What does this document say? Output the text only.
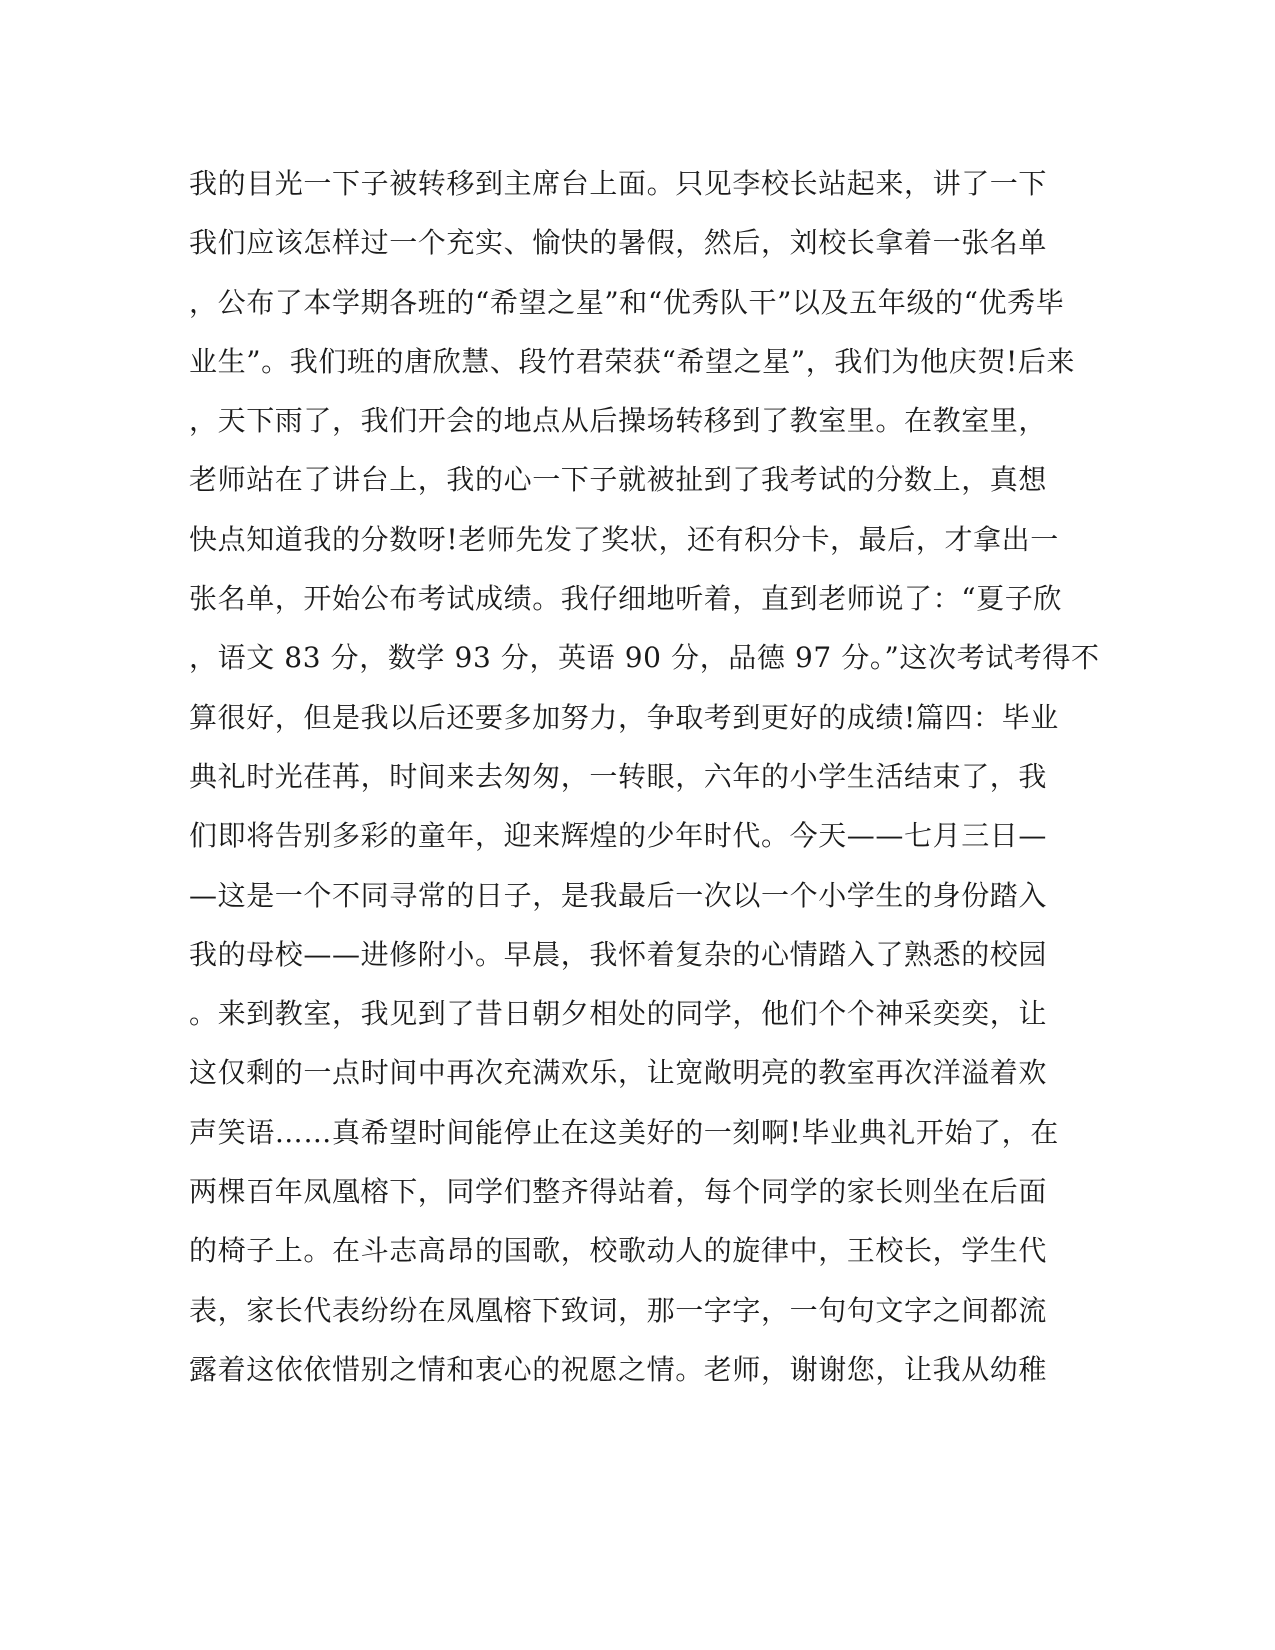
我的目光一下子被转移到主席台上面。只见李校长站起来，讲了一下
我们应该怎样过一个充实、愉快的暑假，然后，刘校长拿着一张名单
，公布了本学期各班的“希望之星”和“优秀队干”以及五年级的“优秀毕
业生”。我们班的唐欣慧、段竹君荣获“希望之星”，我们为他庆贺!后来
，天下雨了，我们开会的地点从后操场转移到了教室里。在教室里，
老师站在了讲台上，我的心一下子就被扯到了我考试的分数上，真想
快点知道我的分数呀!老师先发了奖状，还有积分卡，最后，才拿出一
张名单，开始公布考试成绩。我仔细地听着，直到老师说了：“夏子欣
，语文 83 分，数学 93 分，英语 90 分，品德 97 分。”这次考试考得不
算很好，但是我以后还要多加努力，争取考到更好的成绩!篇四：毕业
典礼时光荏苒，时间来去匆匆，一转眼，六年的小学生活结束了，我
们即将告别多彩的童年，迎来辉煌的少年时代。今天——七月三日—
—这是一个不同寻常的日子，是我最后一次以一个小学生的身份踏入
我的母校——进修附小。早晨，我怀着复杂的心情踏入了熟悉的校园
。来到教室，我见到了昔日朝夕相处的同学，他们个个神采奕奕，让
这仅剩的一点时间中再次充满欢乐，让宽敞明亮的教室再次洋溢着欢
声笑语……真希望时间能停止在这美好的一刻啊!毕业典礼开始了，在
两棵百年凤凰榕下，同学们整齐得站着，每个同学的家长则坐在后面
的椅子上。在斗志高昂的国歌，校歌动人的旋律中，王校长，学生代
表，家长代表纷纷在凤凰榕下致词，那一字字，一句句文字之间都流
露着这依依惜别之情和衷心的祝愿之情。老师，谢谢您，让我从幼稚
